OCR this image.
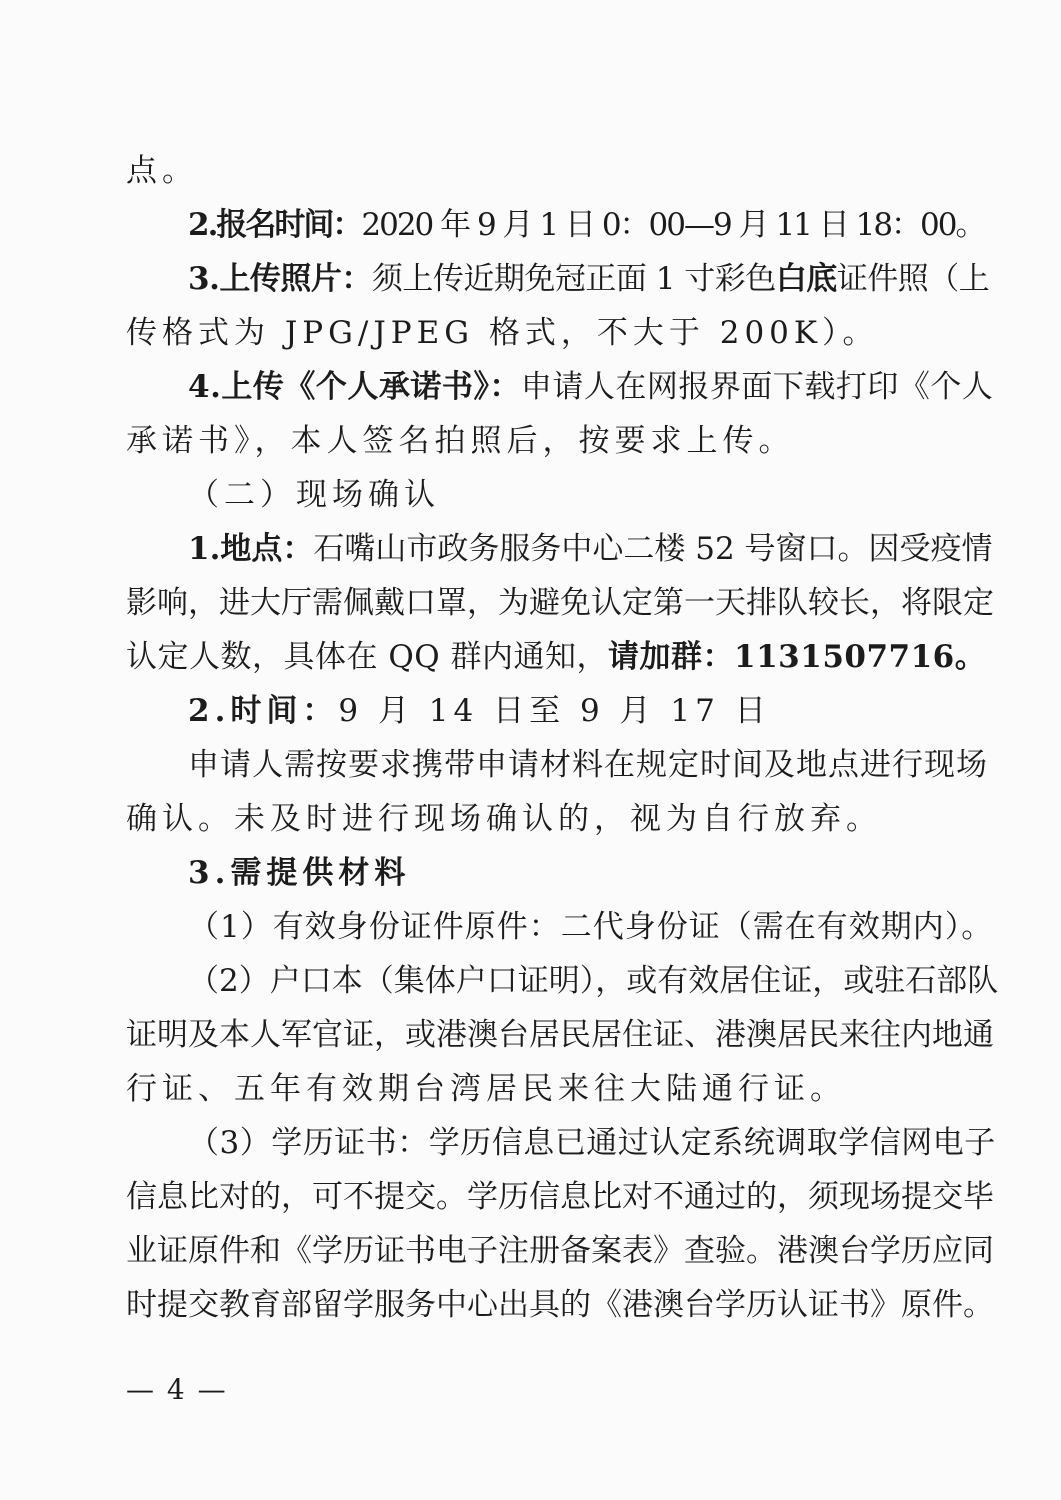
点。
2.报名时间：2020 年 9 月 1 日 0：00—9 月 11 日 18：00。
3.上传照片：须上传近期免冠正面 1 寸彩色白底证件照（上
传格式为 JPG/JPEG 格式，不大于 200K）。
4.上传《个人承诺书》：申请人在网报界面下载打印《个人
承诺书》，本人签名拍照后，按要求上传。
（二）现场确认
1.地点：石嘴山市政务服务中心二楼 52 号窗口。因受疫情
影响，进大厅需佩戴口罩，为避免认定第一天排队较长，将限定
认定人数，具体在 QQ 群内通知，请加群：1131507716。
2.时间：9 月 14 日至 9 月 17 日
申请人需按要求携带申请材料在规定时间及地点进行现场
确认。未及时进行现场确认的，视为自行放弃。
3.需提供材料
（1）有效身份证件原件：二代身份证（需在有效期内）。
（2）户口本（集体户口证明），或有效居住证，或驻石部队
证明及本人军官证，或港澳台居民居住证、港澳居民来往内地通
行证、五年有效期台湾居民来往大陆通行证。
（3）学历证书：学历信息已通过认定系统调取学信网电子
信息比对的，可不提交。学历信息比对不通过的，须现场提交毕
业证原件和《学历证书电子注册备案表》查验。港澳台学历应同
时提交教育部留学服务中心出具的《港澳台学历认证书》原件。
— 4 —
